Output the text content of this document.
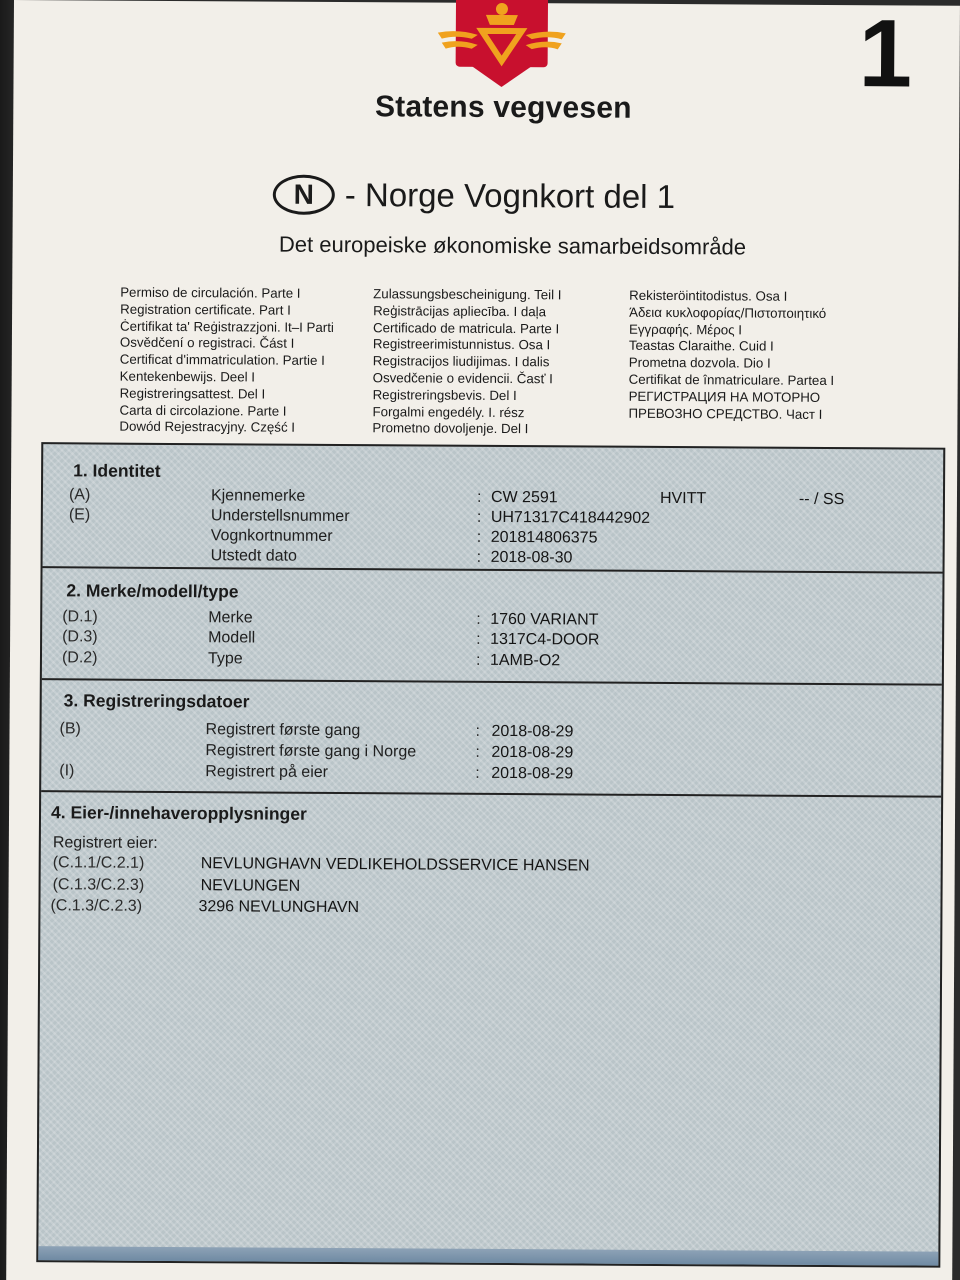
1
Statens vegvesen
N - Norge Vognkort del 1
Det europeiske økonomiske samarbeidsområde
Permiso de circulación. Parte I
Registration certificate. Part I
Ċertifikat ta' Reġistrazzjoni. It–I Parti
Osvědčení o registraci. Část I
Certificat d'immatriculation. Partie I
Kentekenbewijs. Deel I
Registreringsattest. Del I
Carta di circolazione. Parte I
Dowód Rejestracyjny. Część I
Zulassungsbescheinigung. Teil I
Reģistrācijas apliecība. I daļa
Certificado de matricula. Parte I
Registreerimistunnistus. Osa I
Registracijos liudijimas. I dalis
Osvedčenie o evidencii. Časť I
Registreringsbevis. Del I
Forgalmi engedély. I. rész
Prometno dovoljenje. Del I
Rekisteröintitodistus. Osa I
Άδεια κυκλοφορίας/Πιστοποιητικό
Εγγραφής. Μέρος Ι
Teastas Claraithe. Cuid I
Prometna dozvola. Dio I
Certifikat de înmatriculare. Partea I
РЕГИСТРАЦИЯ НА МОТОРНО
ПРЕВОЗНО СРЕДСТВО. Част I
1. Identitet
(A)	Kjennemerke	: CW 2591	HVITT	-- / SS
(E)	Understellsnummer	: UH71317C418442902
Vognkortnummer	: 201814806375
Utstedt dato	: 2018-08-30
2. Merke/modell/type
(D.1)	Merke	: 1760 VARIANT
(D.3)	Modell	: 1317C4-DOOR
(D.2)	Type	: 1AMB-O2
3. Registreringsdatoer
(B)	Registrert første gang	: 2018-08-29
Registrert første gang i Norge	: 2018-08-29
(I)	Registrert på eier	: 2018-08-29
4. Eier-/innehaveropplysninger
Registrert eier:
(C.1.1/C.2.1)	NEVLUNGHAVN VEDLIKEHOLDSSERVICE HANSEN
(C.1.3/C.2.3)	NEVLUNGEN
(C.1.3/C.2.3)	3296 NEVLUNGHAVN
